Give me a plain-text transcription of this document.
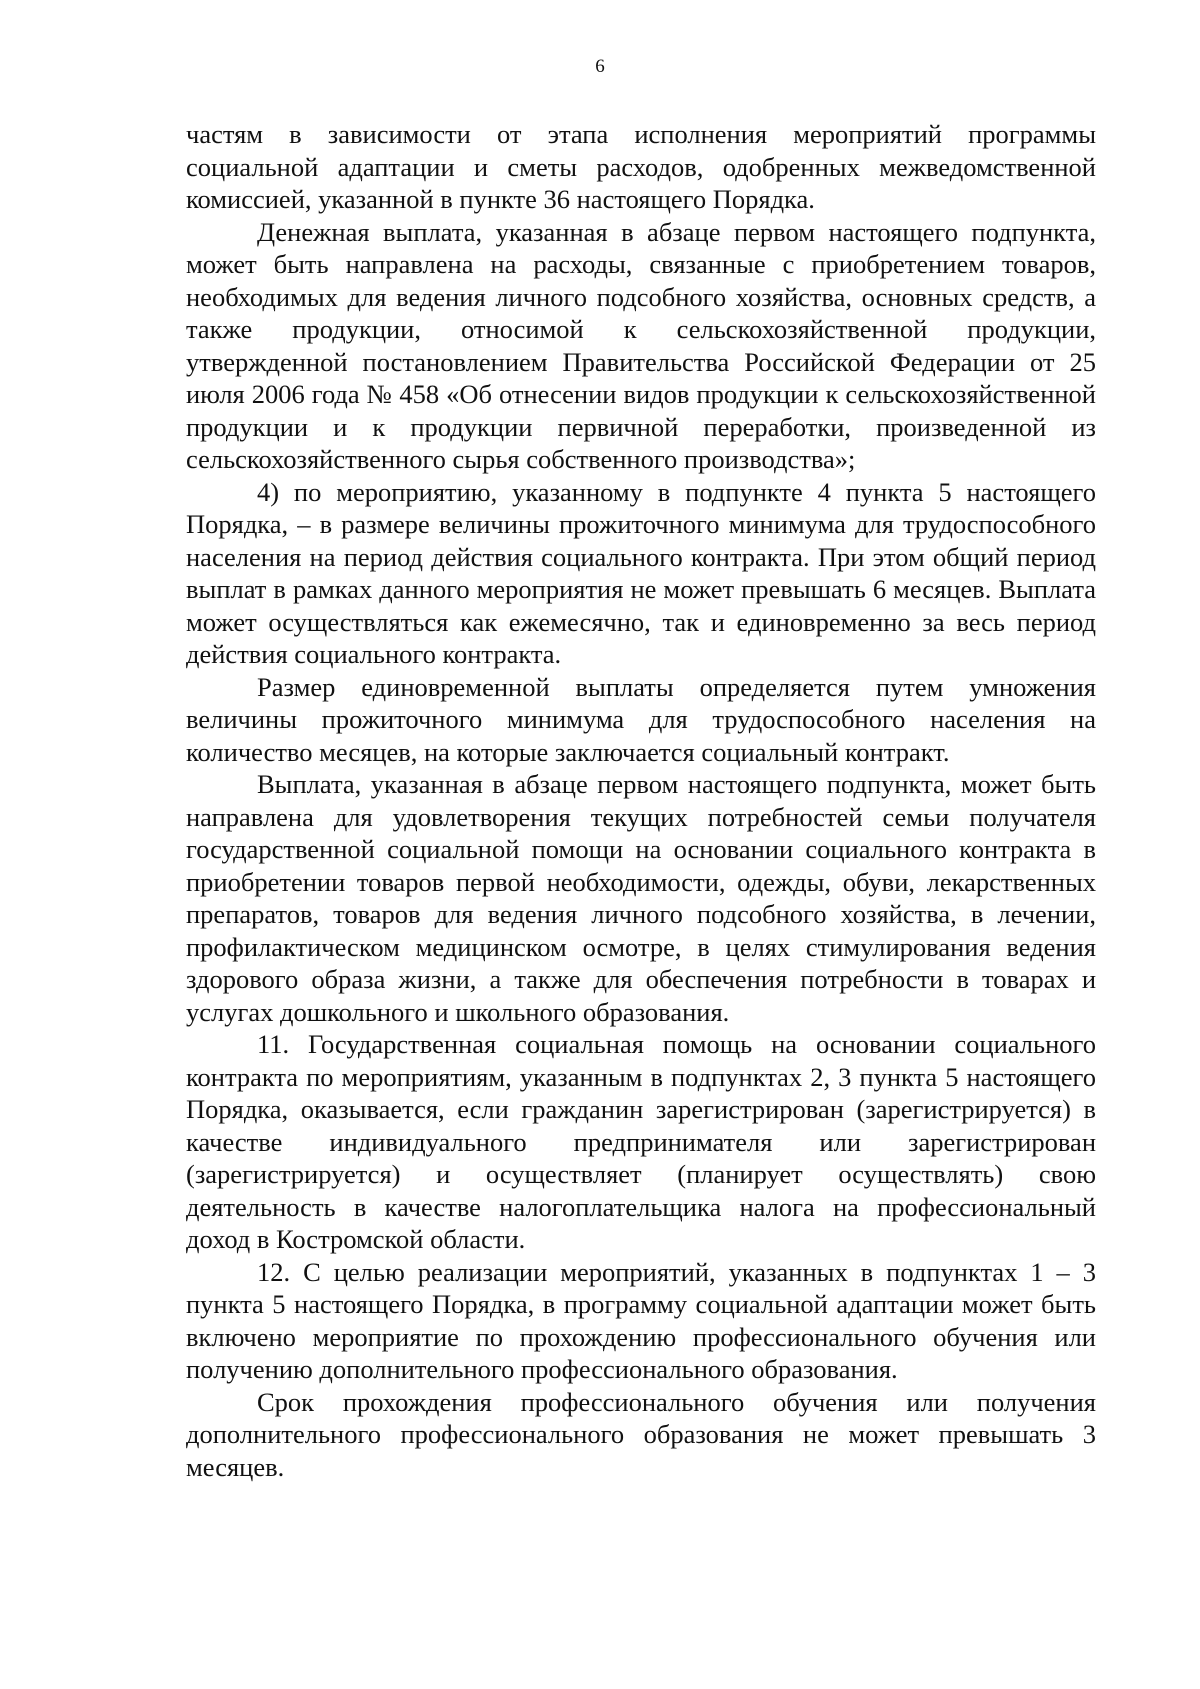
6

частям в зависимости от этапа исполнения мероприятий программы социальной адаптации и сметы расходов, одобренных межведомственной комиссией, указанной в пункте 36 настоящего Порядка.

Денежная выплата, указанная в абзаце первом настоящего подпункта, может быть направлена на расходы, связанные с приобретением товаров, необходимых для ведения личного подсобного хозяйства, основных средств, а также продукции, относимой к сельскохозяйственной продукции, утвержденной постановлением Правительства Российской Федерации от 25 июля 2006 года № 458 «Об отнесении видов продукции к сельскохозяйственной продукции и к продукции первичной переработки, произведенной из сельскохозяйственного сырья собственного производства»;

4) по мероприятию, указанному в подпункте 4 пункта 5 настоящего Порядка, – в размере величины прожиточного минимума для трудоспособного населения на период действия социального контракта. При этом общий период выплат в рамках данного мероприятия не может превышать 6 месяцев. Выплата может осуществляться как ежемесячно, так и единовременно за весь период действия социального контракта.

Размер единовременной выплаты определяется путем умножения величины прожиточного минимума для трудоспособного населения на количество месяцев, на которые заключается социальный контракт.

Выплата, указанная в абзаце первом настоящего подпункта, может быть направлена для удовлетворения текущих потребностей семьи получателя государственной социальной помощи на основании социального контракта в приобретении товаров первой необходимости, одежды, обуви, лекарственных препаратов, товаров для ведения личного подсобного хозяйства, в лечении, профилактическом медицинском осмотре, в целях стимулирования ведения здорового образа жизни, а также для обеспечения потребности в товарах и услугах дошкольного и школьного образования.

11. Государственная социальная помощь на основании социального контракта по мероприятиям, указанным в подпунктах 2, 3 пункта 5 настоящего Порядка, оказывается, если гражданин зарегистрирован (зарегистрируется) в качестве индивидуального предпринимателя или зарегистрирован (зарегистрируется) и осуществляет (планирует осуществлять) свою деятельность в качестве налогоплательщика налога на профессиональный доход в Костромской области.

12. С целью реализации мероприятий, указанных в подпунктах 1 – 3 пункта 5 настоящего Порядка, в программу социальной адаптации может быть включено мероприятие по прохождению профессионального обучения или получению дополнительного профессионального образования.

Срок прохождения профессионального обучения или получения дополнительного профессионального образования не может превышать 3 месяцев.
